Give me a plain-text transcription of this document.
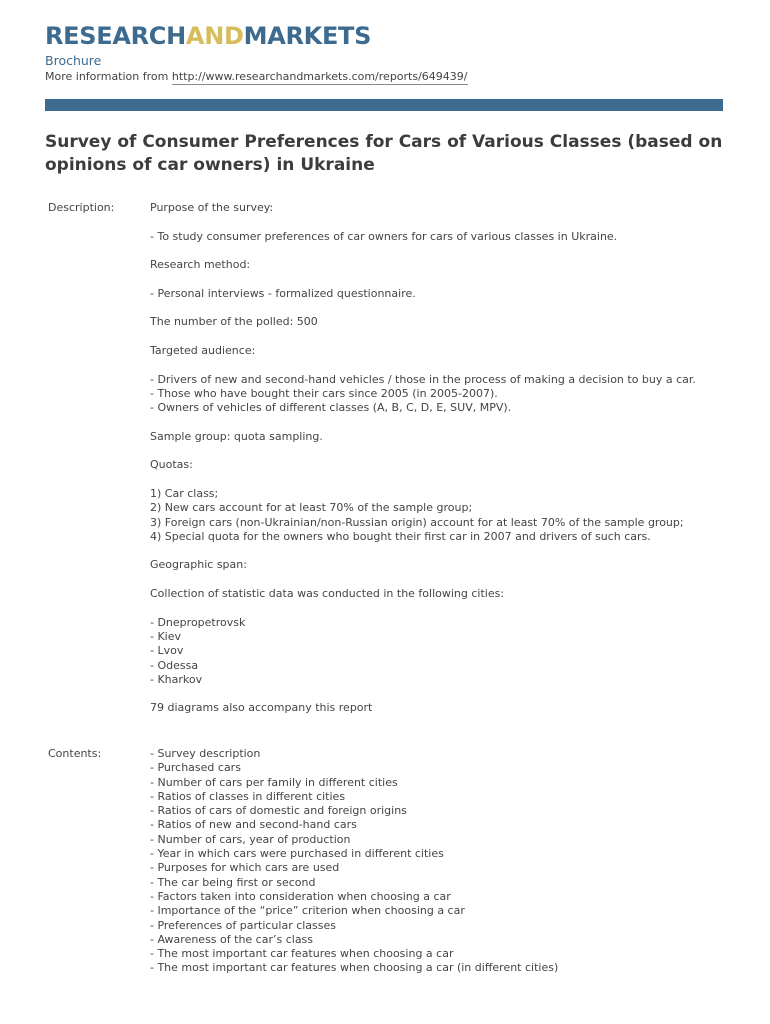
RESEARCHANDMARKETS
Brochure
More information from http://www.researchandmarkets.com/reports/649439/
Survey of Consumer Preferences for Cars of Various Classes (based on opinions of car owners) in Ukraine
Description:	Purpose of the survey:

- To study consumer preferences of car owners for cars of various classes in Ukraine.

Research method:

- Personal interviews - formalized questionnaire.

The number of the polled: 500

Targeted audience:

- Drivers of new and second-hand vehicles / those in the process of making a decision to buy a car.
- Those who have bought their cars since 2005 (in 2005-2007).
- Owners of vehicles of different classes (A, B, C, D, E, SUV, MPV).

Sample group: quota sampling.

Quotas:

1) Car class;
2) New cars account for at least 70% of the sample group;
3) Foreign cars (non-Ukrainian/non-Russian origin) account for at least 70% of the sample group;
4) Special quota for the owners who bought their first car in 2007 and drivers of such cars.

Geographic span:

Collection of statistic data was conducted in the following cities:

- Dnepropetrovsk
- Kiev
- Lvov
- Odessa
- Kharkov

79 diagrams also accompany this report

Contents:	- Survey description
- Purchased cars
- Number of cars per family in different cities
- Ratios of classes in different cities
- Ratios of cars of domestic and foreign origins
- Ratios of new and second-hand cars
- Number of cars, year of production
- Year in which cars were purchased in different cities
- Purposes for which cars are used
- The car being first or second
- Factors taken into consideration when choosing a car
- Importance of the “price” criterion when choosing a car
- Preferences of particular classes
- Awareness of the car’s class
- The most important car features when choosing a car
- The most important car features when choosing a car (in different cities)
